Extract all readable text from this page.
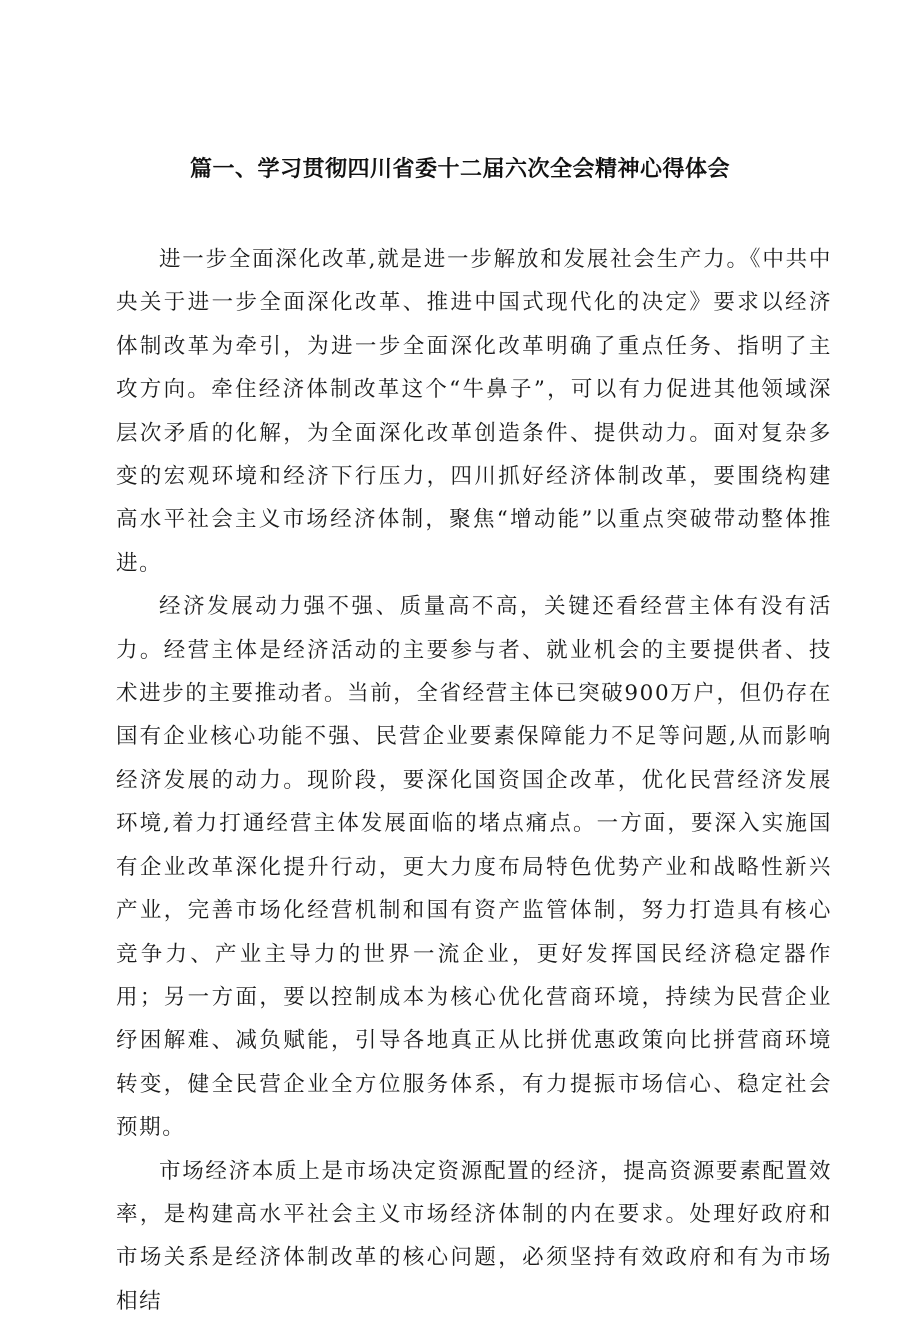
篇一、学习贯彻四川省委十二届六次全会精神心得体会

进一步全面深化改革,就是进一步解放和发展社会生产力。《中共中央关于进一步全面深化改革、推进中国式现代化的决定》要求以经济体制改革为牵引，为进一步全面深化改革明确了重点任务、指明了主攻方向。牵住经济体制改革这个“牛鼻子”，可以有力促进其他领域深层次矛盾的化解，为全面深化改革创造条件、提供动力。面对复杂多变的宏观环境和经济下行压力，四川抓好经济体制改革，要围绕构建高水平社会主义市场经济体制，聚焦“增动能”以重点突破带动整体推进。

经济发展动力强不强、质量高不高，关键还看经营主体有没有活力。经营主体是经济活动的主要参与者、就业机会的主要提供者、技术进步的主要推动者。当前，全省经营主体已突破900万户，但仍存在国有企业核心功能不强、民营企业要素保障能力不足等问题,从而影响经济发展的动力。现阶段，要深化国资国企改革，优化民营经济发展环境,着力打通经营主体发展面临的堵点痛点。一方面，要深入实施国有企业改革深化提升行动，更大力度布局特色优势产业和战略性新兴产业，完善市场化经营机制和国有资产监管体制，努力打造具有核心竞争力、产业主导力的世界一流企业，更好发挥国民经济稳定器作用；另一方面，要以控制成本为核心优化营商环境，持续为民营企业纾困解难、减负赋能，引导各地真正从比拼优惠政策向比拼营商环境转变，健全民营企业全方位服务体系，有力提振市场信心、稳定社会预期。

市场经济本质上是市场决定资源配置的经济，提高资源要素配置效率，是构建高水平社会主义市场经济体制的内在要求。处理好政府和市场关系是经济体制改革的核心问题，必须坚持有效政府和有为市场相结
